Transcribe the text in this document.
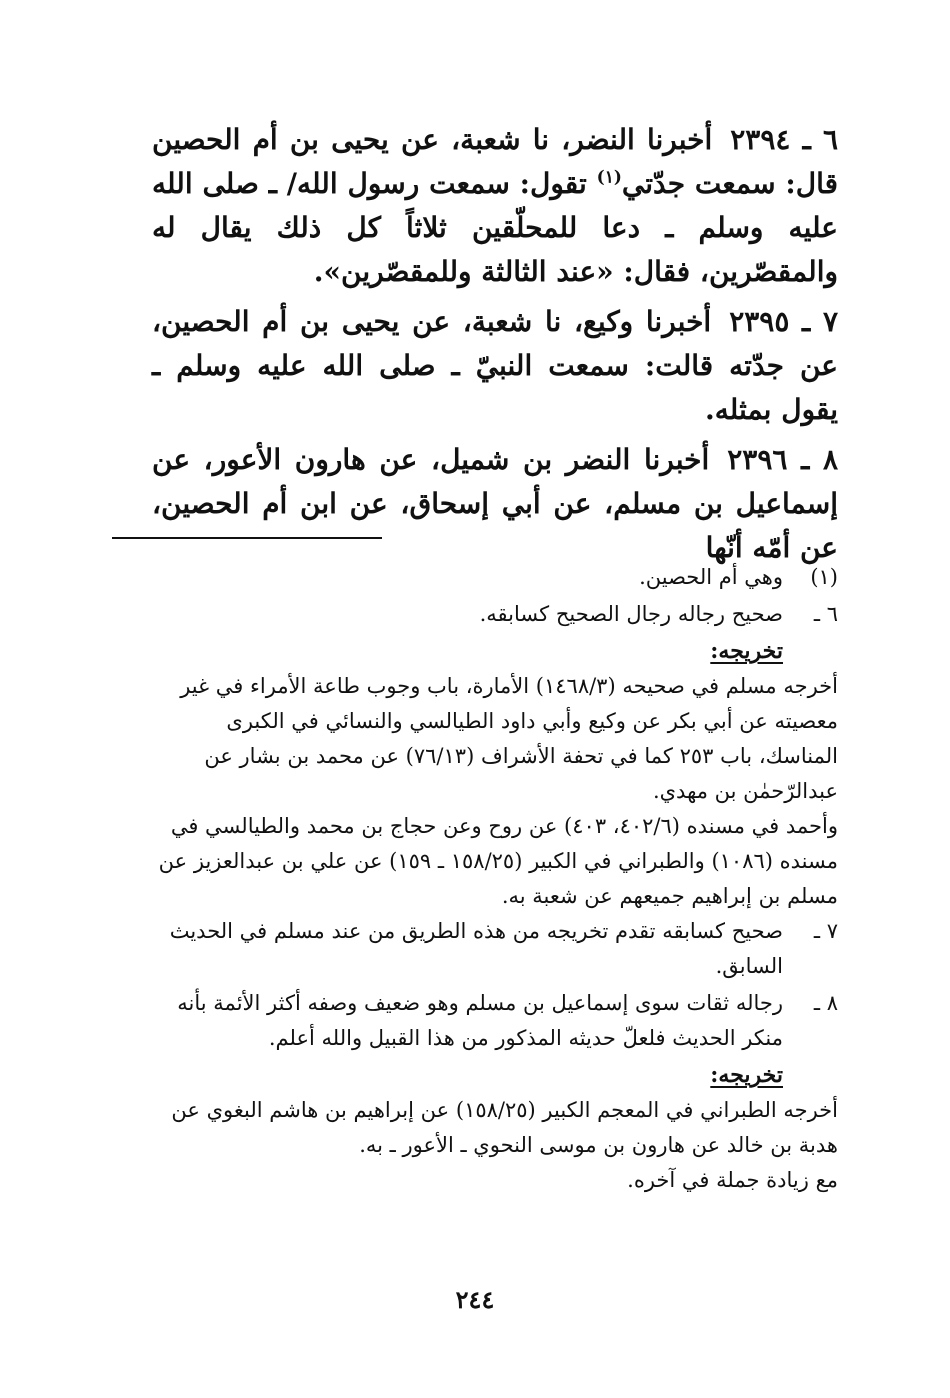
٦ ـ ٢٣٩٤أخبرنا النضر، نا شعبة، عن يحيى بن أم الحصين قال: سمعت جدّتي$^{(١)}$ تقول: سمعت رسول الله/ ـ صلى الله عليه وسلم ـ دعا للمحلّقين ثلاثاً كل ذلك يقال له والمقصّرين، فقال: «عند الثالثة وللمقصّرين».

٧ ـ ٢٣٩٥أخبرنا وكيع، نا شعبة، عن يحيى بن أم الحصين، عن جدّته قالت: سمعت النبيّ ـ صلى الله عليه وسلم ـ يقول بمثله.

٨ ـ ٢٣٩٦أخبرنا النضر بن شميل، عن هارون الأعور، عن إسماعيل بن مسلم، عن أبي إسحاق، عن ابن أم الحصين، عن أمّه أنّها

(١)
وهي أم الحصين.
٦ ـ
صحيح رجاله رجال الصحيح كسابقه.
تخريجه:

أخرجه مسلم في صحيحه (١٤٦٨/٣) الأمارة، باب وجوب طاعة الأمراء في غير معصيته عن أبي بكر عن وكيع وأبي داود الطيالسي والنسائي في الكبرى المناسك، باب ٢٥٣ كما في تحفة الأشراف (٧٦/١٣) عن محمد بن بشار عن عبدالرّحمٰن بن مهدي.

وأحمد في مسنده (٤٠٢/٦، ٤٠٣) عن روح وعن حجاج بن محمد والطيالسي في مسنده (١٠٨٦) والطبراني في الكبير (١٥٨/٢٥ ـ ١٥٩) عن علي بن عبدالعزيز عن مسلم بن إبراهيم جميعهم عن شعبة به.

٧ ـ
صحيح كسابقه تقدم تخريجه من هذه الطريق من عند مسلم في الحديث السابق.
٨ ـ
رجاله ثقات سوى إسماعيل بن مسلم وهو ضعيف وصفه أكثر الأئمة بأنه منكر الحديث فلعلّ حديثه المذكور من هذا القبيل والله أعلم.
تخريجه:

أخرجه الطبراني في المعجم الكبير (١٥٨/٢٥) عن إبراهيم بن هاشم البغوي عن هدبة بن خالد عن هارون بن موسى النحوي ـ الأعور ـ به.

مع زيادة جملة في آخره.

٢٤٤
